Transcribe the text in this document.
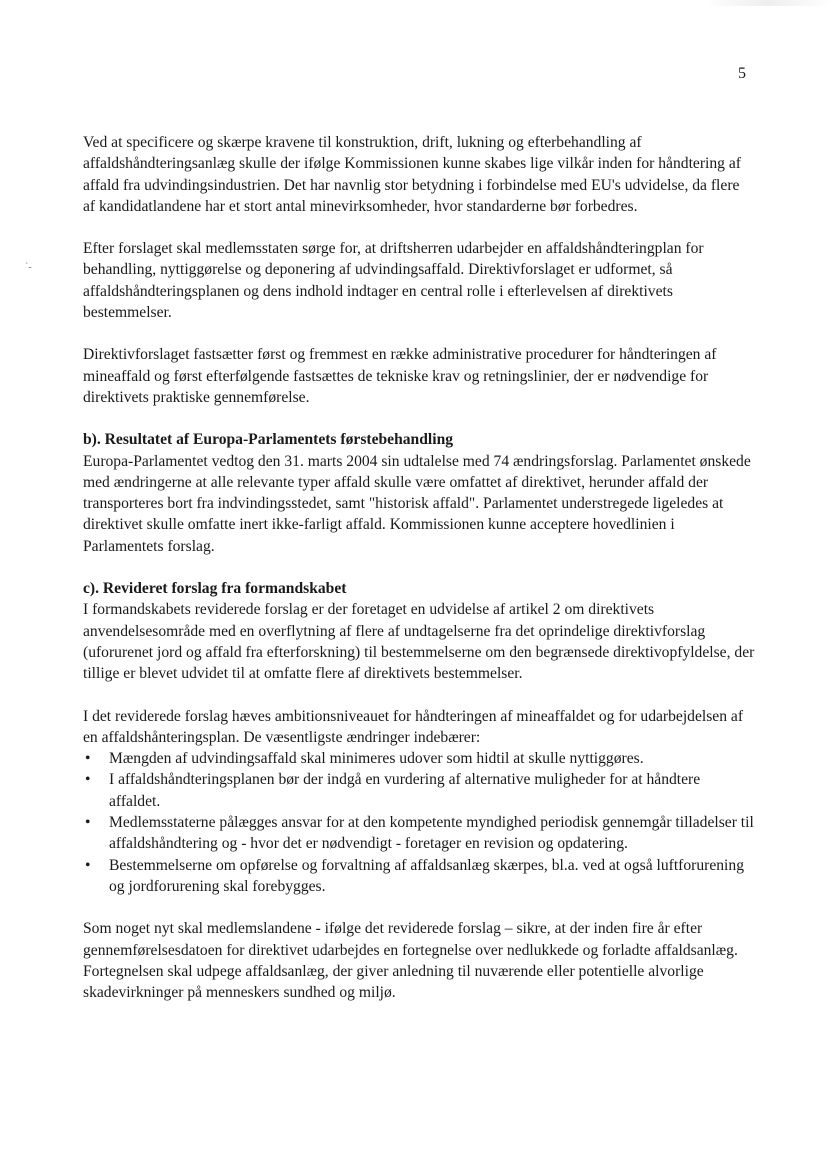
5
`-

Ved at specificere og skærpe kravene til konstruktion, drift, lukning og efterbehandling af affaldshåndteringsanlæg skulle der ifølge Kommissionen kunne skabes lige vilkår inden for håndtering af affald fra udvindingsindustrien. Det har navnlig stor betydning i forbindelse med EU's udvidelse, da flere af kandidatlandene har et stort antal minevirksomheder, hvor standarderne bør forbedres.

Efter forslaget skal medlemsstaten sørge for, at driftsherren udarbejder en affaldshåndteringplan for behandling, nyttiggørelse og deponering af udvindingsaffald. Direktivforslaget er udformet, så affaldshåndteringsplanen og dens indhold indtager en central rolle i efterlevelsen af direktivets bestemmelser.

Direktivforslaget fastsætter først og fremmest en række administrative procedurer for håndteringen af mineaffald og først efterfølgende fastsættes de tekniske krav og retningslinier, der er nødvendige for direktivets praktiske gennemførelse.

b). Resultatet af Europa-Parlamentets førstebehandling

Europa-Parlamentet vedtog den 31. marts 2004 sin udtalelse med 74 ændringsforslag. Parlamentet ønskede med ændringerne at alle relevante typer affald skulle være omfattet af direktivet, herunder affald der transporteres bort fra indvindingsstedet, samt "historisk affald". Parlamentet understregede ligeledes at direktivet skulle omfatte inert ikke-farligt affald. Kommissionen kunne acceptere hovedlinien i Parlamentets forslag.

c). Revideret forslag fra formandskabet

I formandskabets reviderede forslag er der foretaget en udvidelse af artikel 2 om direktivets anvendelsesområde med en overflytning af flere af undtagelserne fra det oprindelige direktivforslag (uforurenet jord og affald fra efterforskning) til bestemmelserne om den begrænsede direktivopfyldelse, der tillige er blevet udvidet til at omfatte flere af direktivets bestemmelser.

I det reviderede forslag hæves ambitionsniveauet for håndteringen af mineaffaldet og for udarbejdelsen af en affaldshånteringsplan. De væsentligste ændringer indebærer:

• Mængden af udvindingsaffald skal minimeres udover som hidtil at skulle nyttiggøres.
• I affaldshåndteringsplanen bør der indgå en vurdering af alternative muligheder for at håndtere affaldet.
• Medlemsstaterne pålægges ansvar for at den kompetente myndighed periodisk gennemgår tilladelser til affaldshåndtering og - hvor det er nødvendigt - foretager en revision og opdatering.
• Bestemmelserne om opførelse og forvaltning af affaldsanlæg skærpes, bl.a. ved at også luftforurening og jordforurening skal forebygges.

Som noget nyt skal medlemslandene - ifølge det reviderede forslag – sikre, at der inden fire år efter gennemførelsesdatoen for direktivet udarbejdes en fortegnelse over nedlukkede og forladte affaldsanlæg. Fortegnelsen skal udpege affaldsanlæg, der giver anledning til nuværende eller potentielle alvorlige skadevirkninger på menneskers sundhed og miljø.
